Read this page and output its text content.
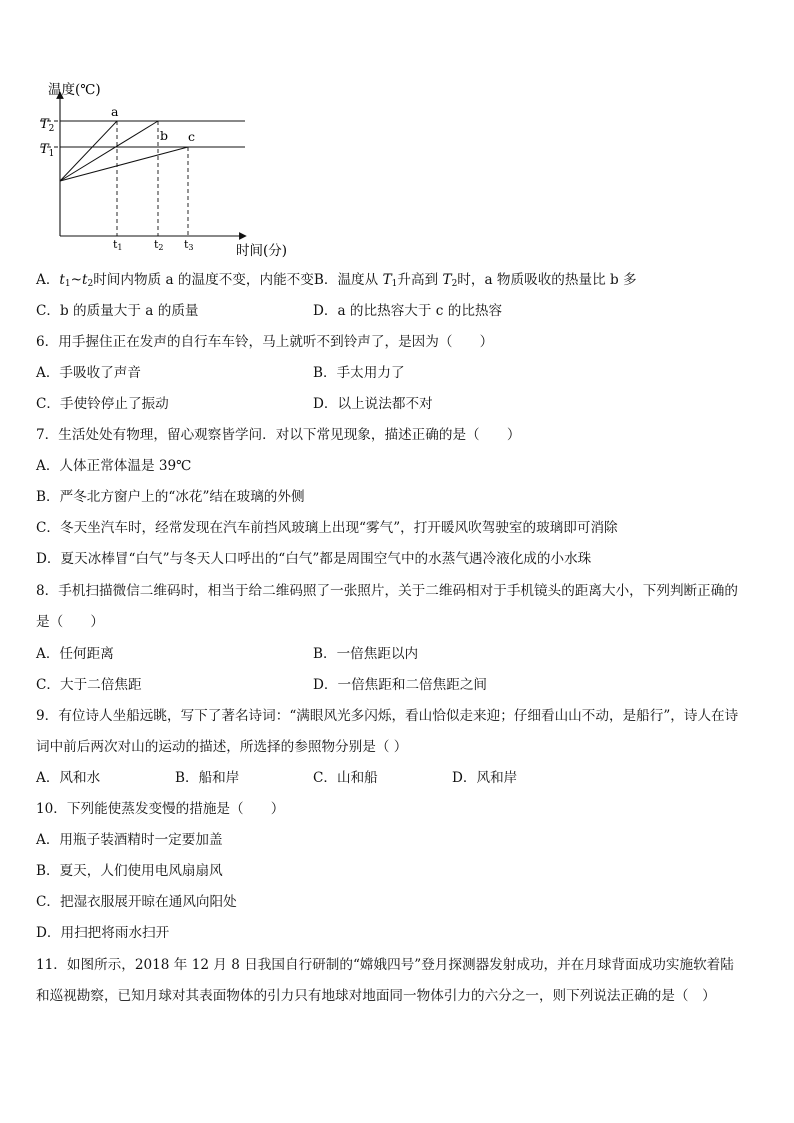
温度(℃)
时间(分)
$T_2$
$T_1$
a
b c
t1	t2 t3
A．$t_1\sim t_2$时间内物质 a 的温度不变，内能不变B．温度从 $T_1$升高到 $T_2$时，a 物质吸收的热量比 b 多
C．b 的质量大于 a 的质量	D．a 的比热容大于 c 的比热容
6．用手握住正在发声的自行车车铃，马上就听不到铃声了，是因为（　　）
A．手吸收了声音	B．手太用力了
C．手使铃停止了振动	D．以上说法都不对
7．生活处处有物理，留心观察皆学问．对以下常见现象，描述正确的是（　　）
A．人体正常体温是 39℃
B．严冬北方窗户上的“冰花”结在玻璃的外侧
C．冬天坐汽车时，经常发现在汽车前挡风玻璃上出现“雾气”，打开暖风吹驾驶室的玻璃即可消除
D．夏天冰棒冒“白气”与冬天人口呼出的“白气”都是周围空气中的水蒸气遇冷液化成的小水珠
8．手机扫描微信二维码时，相当于给二维码照了一张照片，关于二维码相对于手机镜头的距离大小，下列判断正确的
是（　　）
A．任何距离	B．一倍焦距以内
C．大于二倍焦距	D．一倍焦距和二倍焦距之间
9．有位诗人坐船远眺，写下了著名诗词：“满眼风光多闪烁，看山恰似走来迎；仔细看山山不动，是船行”，诗人在诗
词中前后两次对山的运动的描述，所选择的参照物分别是（ ）
A．风和水	B．船和岸	C．山和船	D．风和岸
10．下列能使蒸发变慢的措施是（　　）
A．用瓶子装酒精时一定要加盖
B．夏天，人们使用电风扇扇风
C．把湿衣服展开晾在通风向阳处
D．用扫把将雨水扫开
11．如图所示，2018 年 12 月 8 日我国自行研制的“嫦娥四号”登月探测器发射成功，并在月球背面成功实施软着陆
和巡视勘察，已知月球对其表面物体的引力只有地球对地面同一物体引力的六分之一，则下列说法正确的是（　）
